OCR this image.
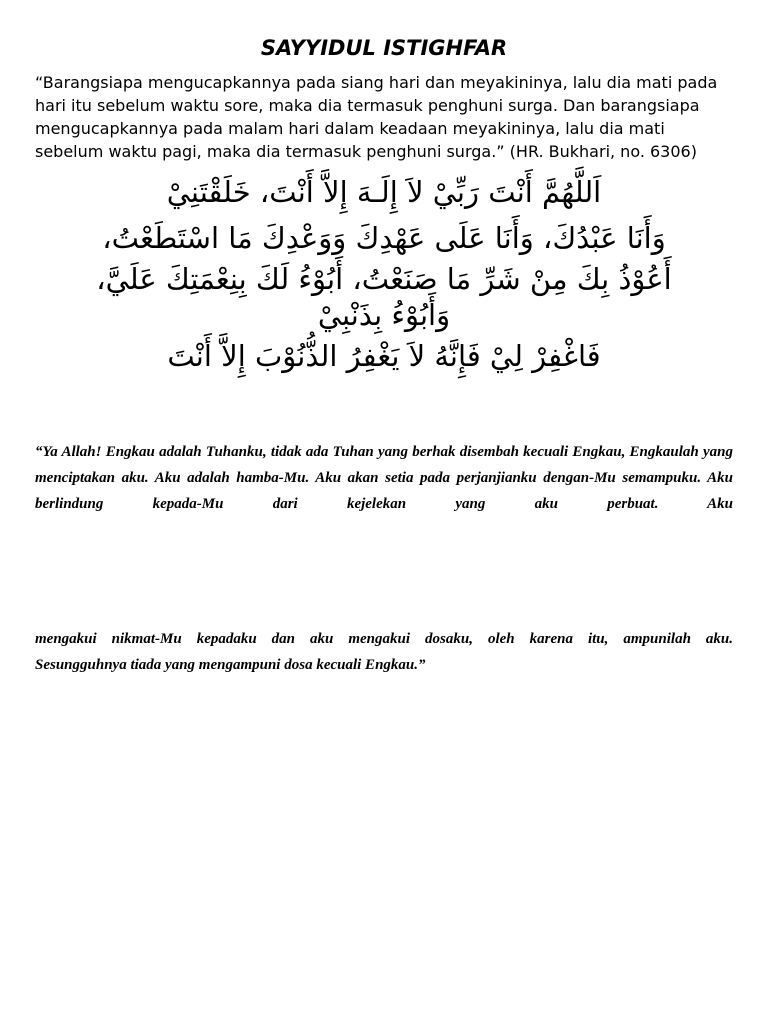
SAYYIDUL ISTIGHFAR

“Barangsiapa mengucapkannya pada siang hari dan meyakininya, lalu dia mati pada hari itu sebelum waktu sore, maka dia termasuk penghuni surga. Dan barangsiapa mengucapkannya pada malam hari dalam keadaan meyakininya, lalu dia mati sebelum waktu pagi, maka dia termasuk penghuni surga.” (HR. Bukhari, no. 6306)

اَللَّهُمَّ أَنْتَ رَبِّيْ لاَ إِلَـهَ إِلاَّ أَنْتَ، خَلَقْتَنِيْ
وَأَنَا عَبْدُكَ، وَأَنَا عَلَى عَهْدِكَ وَوَعْدِكَ مَا اسْتَطَعْتُ،
أَعُوْذُ بِكَ مِنْ شَرِّ مَا صَنَعْتُ، أَبُوْءُ لَكَ بِنِعْمَتِكَ عَلَيَّ،
وَأَبُوْءُ بِذَنْبِيْ
فَاغْفِرْ لِيْ فَإِنَّهُ لاَ يَغْفِرُ الذُّنُوْبَ إِلاَّ أَنْتَ

“Ya Allah! Engkau adalah Tuhanku, tidak ada Tuhan yang berhak disembah kecuali Engkau, Engkaulah yang menciptakan aku. Aku adalah hamba-Mu. Aku akan setia pada perjanjianku dengan-Mu semampuku. Aku berlindung kepada-Mu dari kejelekan yang aku perbuat. Aku

mengakui nikmat-Mu kepadaku dan aku mengakui dosaku, oleh karena itu, ampunilah aku.
Sesungguhnya tiada yang mengampuni dosa kecuali Engkau.”
